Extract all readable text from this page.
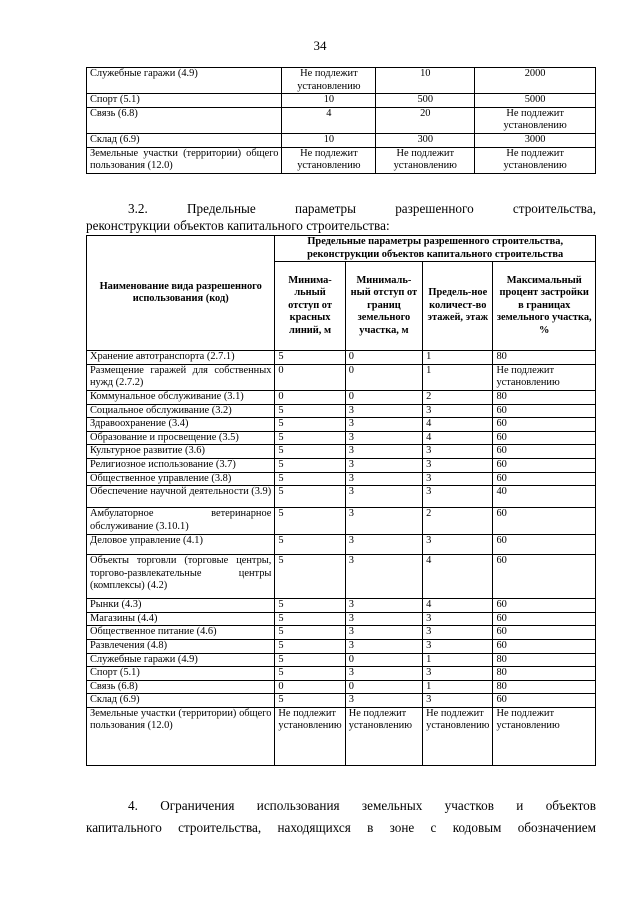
34
Служебные гаражи (4.9)	Не подлежит установлению	10	2000
Спорт (5.1)	10	500	5000
Связь (6.8)	4	20	Не подлежит установлению
Склад (6.9)	10	300	3000
Земельные участки (территории) общего пользования (12.0)	Не подлежит установлению	Не подлежит установлению	Не подлежит установлению
3.2. Предельные параметры разрешенного строительства,
реконструкции объектов капитального строительства:
Наименование вида разрешенного использования (код)	Предельные параметры разрешенного строительства, реконструкции объектов капитального строительства			
	Минима-льный отступ от красных линий, м	Минималь-ный отступ от границ земельного участка, м	Предель-ное количест-во этажей, этаж	Максимальный процент застройки в границах земельного участка, %
Хранение автотранспорта (2.7.1)	5	0	1	80
Размещение гаражей для собственных нужд (2.7.2)	0	0	1	Не подлежит установлению
Коммунальное обслуживание (3.1)	0	0	2	80
Социальное обслуживание (3.2)	5	3	3	60
Здравоохранение (3.4)	5	3	4	60
Образование и просвещение (3.5)	5	3	4	60
Культурное развитие (3.6)	5	3	3	60
Религиозное использование (3.7)	5	3	3	60
Общественное управление (3.8)	5	3	3	60
Обеспечение научной деятельности (3.9)	5	3	3	40
Амбулаторное ветеринарное обслуживание (3.10.1)	5	3	2	60
Деловое управление (4.1)	5	3	3	60
Объекты торговли (торговые центры, торгово-развлекательные центры (комплексы) (4.2)	5	3	4	60
Рынки (4.3)	5	3	4	60
Магазины (4.4)	5	3	3	60
Общественное питание (4.6)	5	3	3	60
Развлечения (4.8)	5	3	3	60
Служебные гаражи (4.9)	5	0	1	80
Спорт (5.1)	5	3	3	80
Связь (6.8)	0	0	1	80
Склад (6.9)	5	3	3	60
Земельные участки (территории) общего пользования (12.0)	Не подлежит установлению	Не подлежит установлению	Не подлежит установлению	Не подлежит установлению
4. Ограничения использования земельных участков и объектов
капитального строительства, находящихся в зоне с кодовым обозначением
